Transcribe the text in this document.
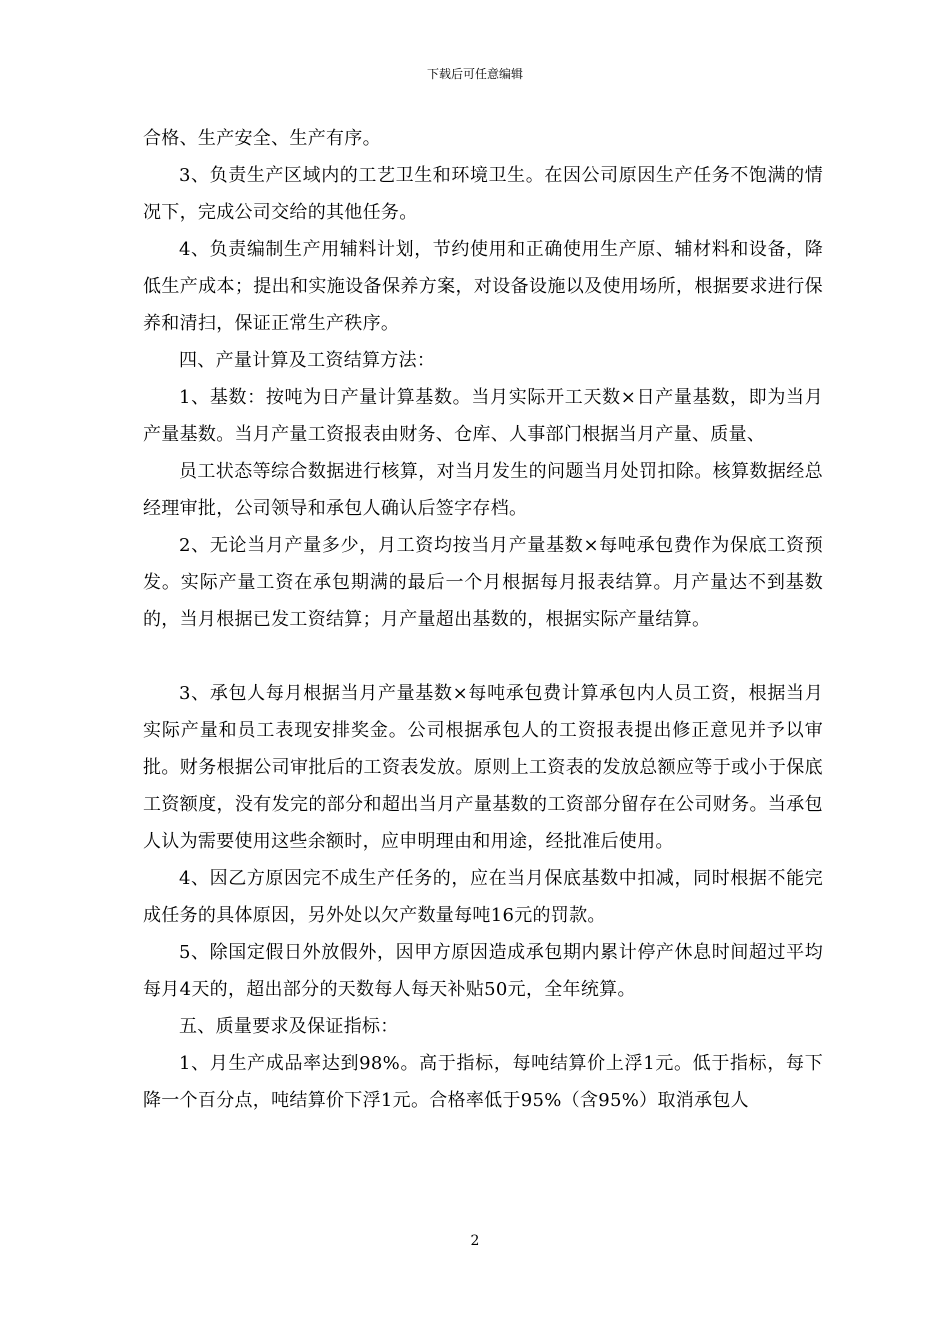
下载后可任意编辑

合格、生产安全、生产有序。

3、负责生产区域内的工艺卫生和环境卫生。在因公司原因生产任务不饱满的情况下，完成公司交给的其他任务。

4、负责编制生产用辅料计划，节约使用和正确使用生产原、辅材料和设备，降低生产成本；提出和实施设备保养方案，对设备设施以及使用场所，根据要求进行保养和清扫，保证正常生产秩序。

四、产量计算及工资结算方法：

1、基数：按吨为日产量计算基数。当月实际开工天数×日产量基数，即为当月产量基数。当月产量工资报表由财务、仓库、人事部门根据当月产量、质量、

员工状态等综合数据进行核算，对当月发生的问题当月处罚扣除。核算数据经总经理审批，公司领导和承包人确认后签字存档。

2、无论当月产量多少，月工资均按当月产量基数×每吨承包费作为保底工资预发。实际产量工资在承包期满的最后一个月根据每月报表结算。月产量达不到基数的，当月根据已发工资结算；月产量超出基数的，根据实际产量结算。

3、承包人每月根据当月产量基数×每吨承包费计算承包内人员工资，根据当月实际产量和员工表现安排奖金。公司根据承包人的工资报表提出修正意见并予以审批。财务根据公司审批后的工资表发放。原则上工资表的发放总额应等于或小于保底工资额度，没有发完的部分和超出当月产量基数的工资部分留存在公司财务。当承包人认为需要使用这些余额时，应申明理由和用途，经批准后使用。

4、因乙方原因完不成生产任务的，应在当月保底基数中扣减，同时根据不能完成任务的具体原因，另外处以欠产数量每吨16元的罚款。

5、除国定假日外放假外，因甲方原因造成承包期内累计停产休息时间超过平均每月4天的，超出部分的天数每人每天补贴50元，全年统算。

五、质量要求及保证指标：

1、月生产成品率达到98%。高于指标，每吨结算价上浮1元。低于指标，每下降一个百分点，吨结算价下浮1元。合格率低于95%（含95%）取消承包人

2
